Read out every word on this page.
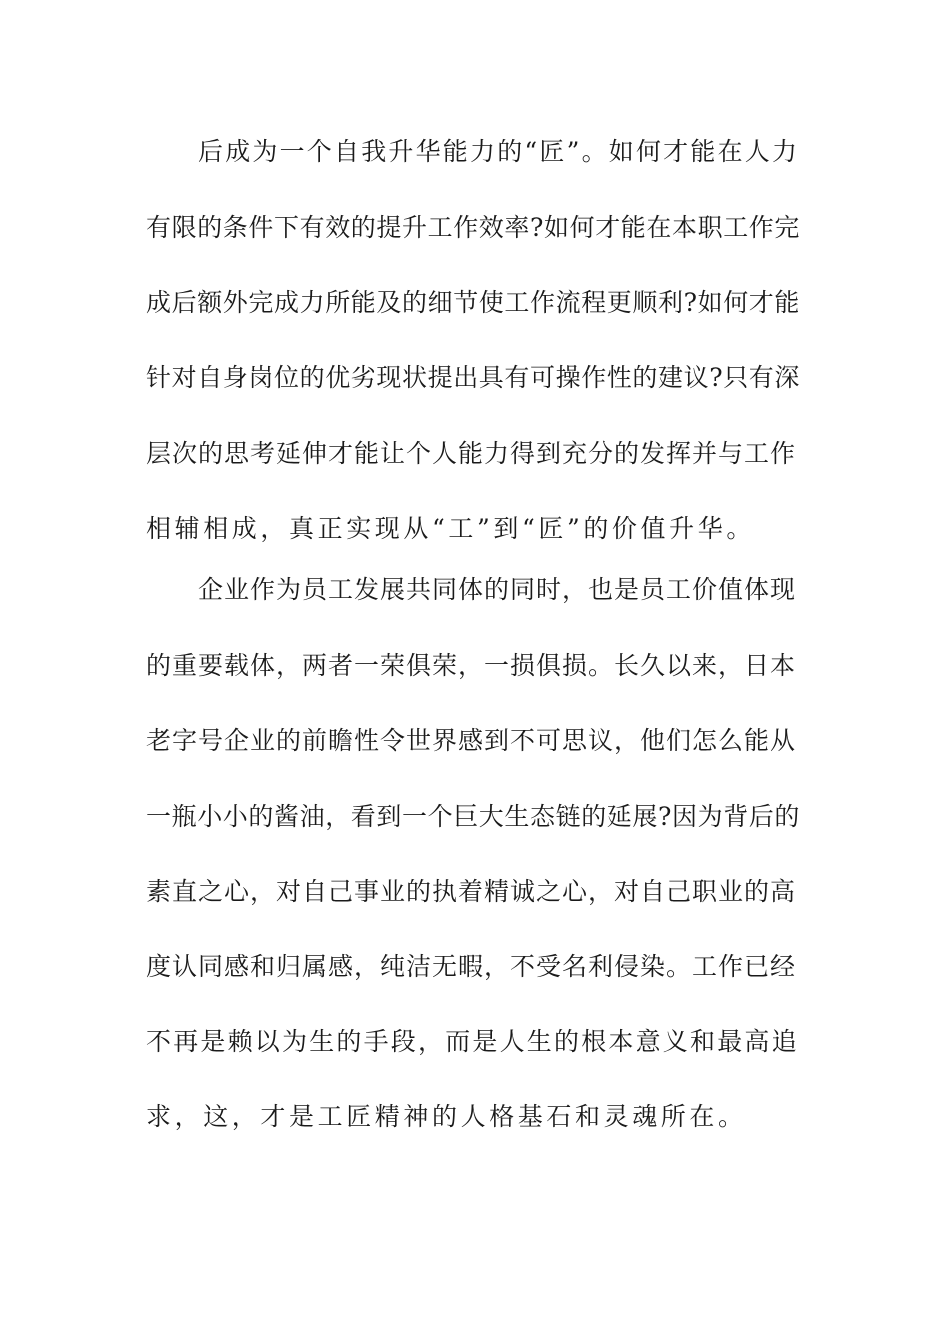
后成为一个自我升华能力的“匠”。如何才能在人力
有限的条件下有效的提升工作效率?如何才能在本职工作完
成后额外完成力所能及的细节使工作流程更顺利?如何才能
针对自身岗位的优劣现状提出具有可操作性的建议?只有深
层次的思考延伸才能让个人能力得到充分的发挥并与工作
相辅相成，真正实现从“工”到“匠”的价值升华。
企业作为员工发展共同体的同时，也是员工价值体现
的重要载体，两者一荣俱荣，一损俱损。长久以来，日本
老字号企业的前瞻性令世界感到不可思议，他们怎么能从
一瓶小小的酱油，看到一个巨大生态链的延展?因为背后的
素直之心，对自己事业的执着精诚之心，对自己职业的高
度认同感和归属感，纯洁无暇，不受名利侵染。工作已经
不再是赖以为生的手段，而是人生的根本意义和最高追
求，这，才是工匠精神的人格基石和灵魂所在。
